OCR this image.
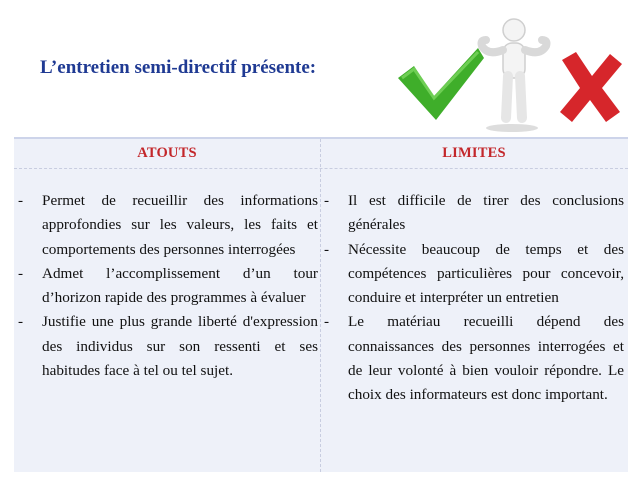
L’entretien semi-directif présente:
ATOUTS	LIMITES
- Permet de recueillir des informations approfondies sur les valeurs, les faits et comportements des personnes interrogées
- Admet l’accomplissement d’un tour d’horizon rapide des programmes à évaluer
- Justifie une plus grande liberté d'expression des individus sur son ressenti et ses habitudes face à tel ou tel sujet.
- Il est difficile de tirer des conclusions générales
- Nécessite beaucoup de temps et des compétences particulières pour concevoir, conduire et interpréter un entretien
- Le matériau recueilli dépend des connaissances des personnes interrogées et de leur volonté à bien vouloir répondre. Le choix des informateurs est donc important.
